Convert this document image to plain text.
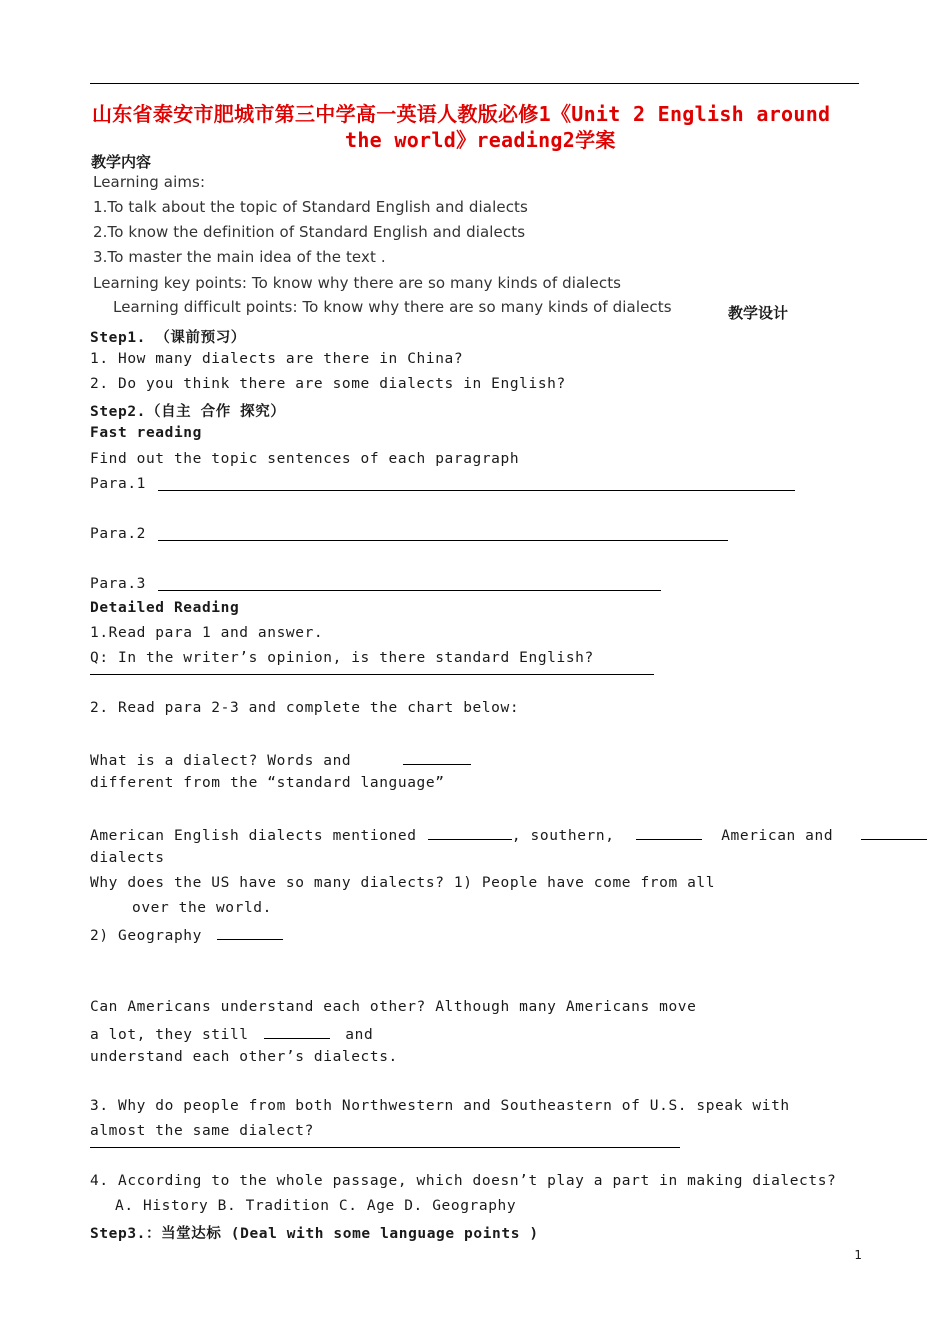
山东省泰安市肥城市第三中学高一英语人教版必修1《Unit 2 English around
the world》reading2学案
教学内容
Learning aims:
1.To talk about the topic of Standard English and dialects
2.To know the definition of Standard English and dialects
3.To master the main idea of the text .
Learning key points: To know why there are so many kinds of dialects
Learning difficult points: To know why there are so many kinds of dialects	教学设计
Step1. （课前预习）
1. How many dialects are there in China?
2. Do you think there are some dialects in English?
Step2.（自主 合作 探究）
Fast reading
Find out the topic sentences of each paragraph
Para.1
Para.2
Para.3
Detailed Reading
1.Read para 1 and answer.
Q: In the writer’s opinion, is there standard English?
2. Read para 2-3 and complete the chart below:
What is a dialect? Words and
different from the “standard language”
American English dialects mentioned	, southern,	American and
dialects
Why does the US have so many dialects? 1) People have come from all
over the world.
2) Geography
Can Americans understand each other? Although many Americans move
a lot, they still	and
understand each other’s dialects.
3. Why do people from both Northwestern and Southeastern of U.S. speak with
almost the same dialect?
4. According to the whole passage, which doesn’t play a part in making dialects?
A. History B. Tradition C. Age D. Geography
Step3.：当堂达标 (Deal with some language points )
1
